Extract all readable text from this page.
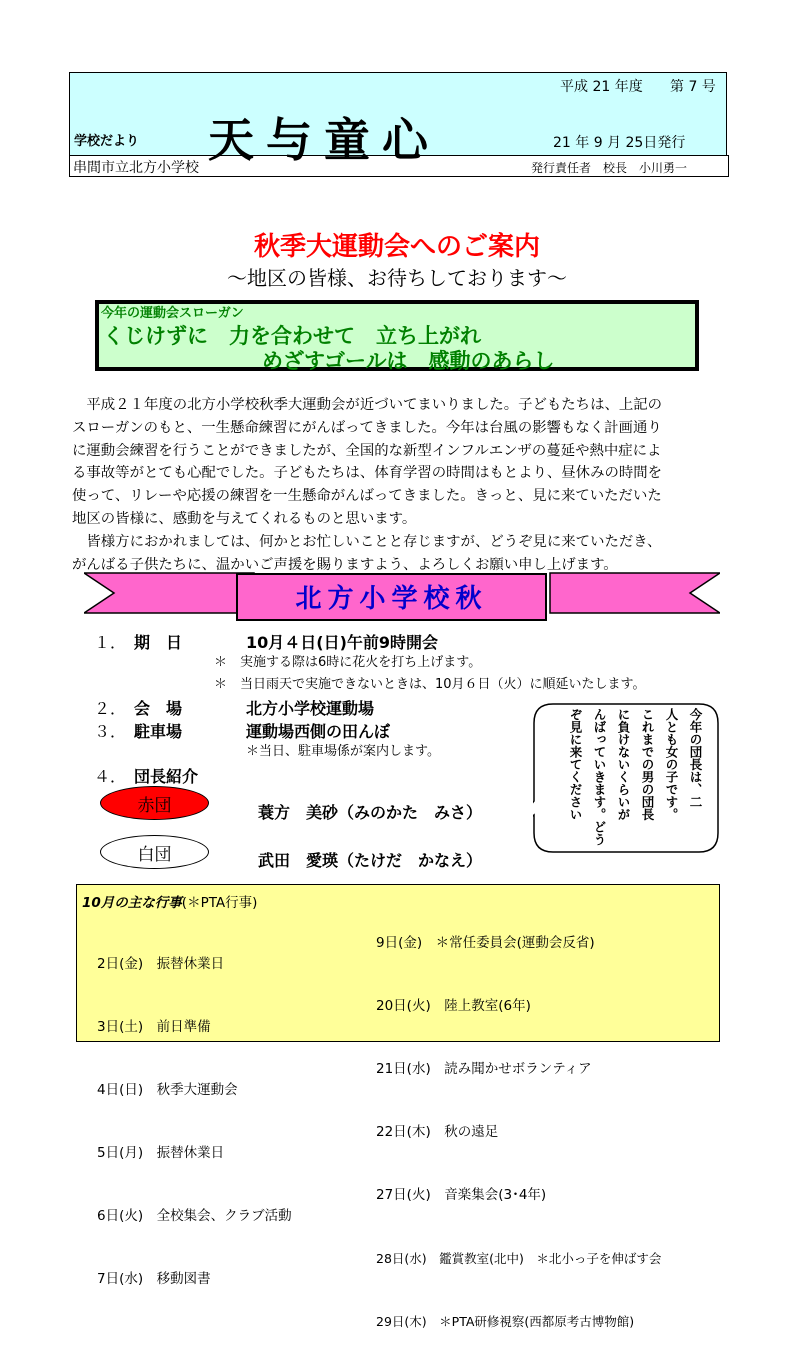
平成 21 年度 第 7 号
学校だより 天与童心	21 年 9 月 25日発行
串間市立北方小学校	発行責任者　校長　小川勇一
秋季大運動会へのご案内
～地区の皆様、お待ちしております～
今年の運動会スローガン
くじけずに　力を合わせて　立ち上がれ
めざすゴールは　感動のあらし
　平成２１年度の北方小学校秋季大運動会が近づいてまいりました。子どもたちは、上記の
スローガンのもと、一生懸命練習にがんばってきました。今年は台風の影響もなく計画通り
に運動会練習を行うことができましたが、全国的な新型インフルエンザの蔓延や熱中症によ
る事故等がとても心配でした。子どもたちは、体育学習の時間はもとより、昼休みの時間を
使って、リレーや応援の練習を一生懸命がんばってきました。きっと、見に来ていただいた
地区の皆様に、感動を与えてくれるものと思います。
　皆様方におかれましては、何かとお忙しいことと存じますが、どうぞ見に来ていただき、
がんばる子供たちに、温かいご声援を賜りますよう、よろしくお願い申し上げます。
北方小学校秋
１． 期　日	10月４日(日)午前9時開会
＊　実施する際は6時に花火を打ち上げます。
＊　当日雨天で実施できないときは、10月６日（火）に順延いたします。
２． 会　場	北方小学校運動場
３． 駐車場	運動場西側の田んぼ
＊当日、駐車場係が案内します。
４． 団長紹介
赤団
白団
蓑方　美砂（みのかた　みさ）
武田　愛瑛（たけだ　かなえ）
今年の団長は、二
人とも女の子です。
これまでの男の団長
に負けないくらいが
んばっていきます。どう
ぞ見に来てください
10月の主な行事(＊PTA行事)

2日(金)　振替休業日

3日(土)　前日準備

4日(日)　秋季大運動会

5日(月)　振替休業日

6日(火)　全校集会、クラブ活動

7日(水)　移動図書

9日(金)　＊常任委員会(運動会反省)

20日(火)　陸上教室(6年)

21日(水)　読み聞かせボランティア

22日(木)　秋の遠足

27日(火)　音楽集会(3･4年)

28日(水)　鑑賞教室(北中)　＊北小っ子を伸ばす会

29日(木)　＊PTA研修視察(西都原考古博物館)
